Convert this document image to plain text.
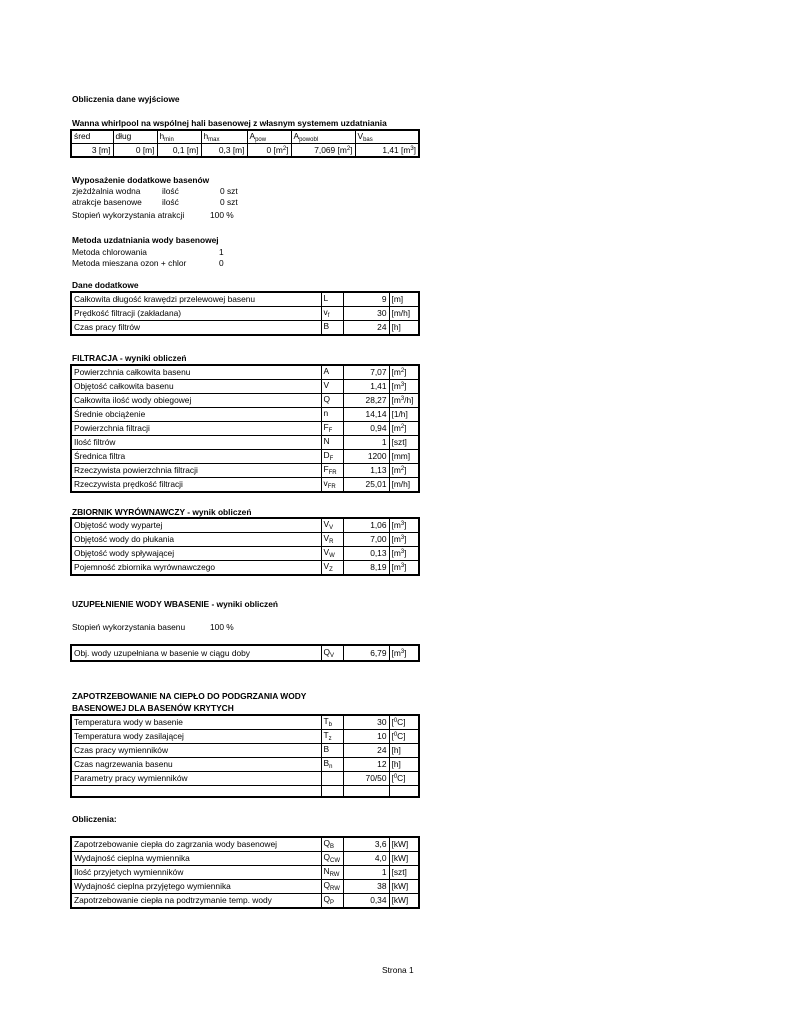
Obliczenia dane wyjściowe
Wanna whirlpool na wspólnej hali basenowej z własnym systemem uzdatniania
śred	dług	$h_{min}$	$h_{max}$	$A_{pow}$	$A_{powobl}$	$V_{bas}$
3 [m]	0 [m]	0,1 [m]	0,3 [m]	0 $[m^2]$	7,069 $[m^2]$	1,41 $[m^3]$
Wyposażenie dodatkowe basenów
zjeżdżalnia wodna	ilość	0 szt
atrakcje basenowe ilość	0 szt
Stopień wykorzystania atrakcji	100 %
Metoda uzdatniania wody basenowej
Metoda chlorowania	1
Metoda mieszana ozon + chlor	0
Dane dodatkowe
Całkowita długość krawędzi przelewowej basenu	L	9	[m]
Prędkość filtracji (zakładana)	$v_f$	30	[m/h]
Czas pracy filtrów	B	24	[h]
FILTRACJA - wyniki obliczeń
Powierzchnia całkowita basenu	A	7,07	$[m^2]$
Objętość całkowita basenu	V	1,41	$[m^3]$
Całkowita ilość wody obiegowej	Q	28,27	$[m^3/h]$
Średnie obciążenie	n	14,14	[1/h]
Powierzchnia filtracji	$F_F$	0,94	$[m^2]$
Ilość filtrów	N	1	[szt]
Średnica filtra	$D_F$	1200	[mm]
Rzeczywista powierzchnia filtracji	$F_{FR}$	1,13	$[m^2]$
Rzeczywista prędkość filtracji	$v_{FR}$	25,01	[m/h]
ZBIORNIK WYRÓWNAWCZY - wynik obliczeń
Objętość wody wypartej	$V_V$	1,06	$[m^3]$
Objętość wody do płukania	$V_R$	7,00	$[m^3]$
Objętość wody spływającej	$V_W$	0,13	$[m^3]$
Pojemność zbiornika wyrównawczego	$V_Z$	8,19	$[m^3]$
UZUPEŁNIENIE WODY WBASENIE - wyniki obliczeń
Stopień wykorzystania basenu	100 %
Obj. wody uzupełniana w basenie w ciągu doby	$Q_V$	6,79	$[m^3]$
ZAPOTRZEBOWANIE NA CIEPŁO DO PODGRZANIA WODY
BASENOWEJ DLA BASENÓW KRYTYCH
Temperatura wody w basenie	$T_b$	30	[$^0$C]
Temperatura wody zasilającej	$T_z$	10	[$^0$C]
Czas pracy wymienników	B	24	[h]
Czas nagrzewania basenu	$B_n$	12	[h]
Parametry pracy wymienników		70/50	[$^0$C]

Obliczenia:
Zapotrzebowanie ciepła do zagrzania wody basenowej	$Q_B$	3,6	[kW]
Wydajność cieplna wymiennika	$Q_{CW}$	4,0	[kW]
Ilość przyjetych wymienników	$N_{RW}$	1	[szt]
Wydajność cieplna przyjętego wymiennika	$Q_{RW}$	38	[kW]
Zapotrzebowanie ciepła na podtrzymanie temp. wody	$Q_P$	0,34	[kW]
Strona 1
